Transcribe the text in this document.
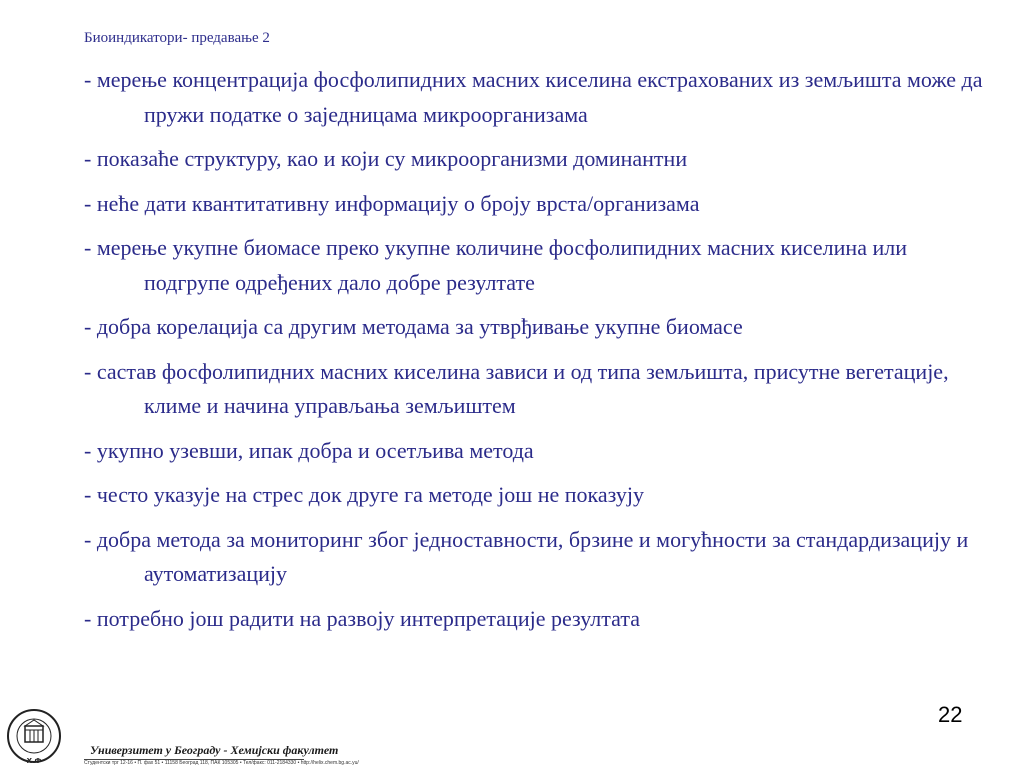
Биоиндикатори- предавање 2
- мерење концентрација фосфолипидних масних киселина екстрахованих из земљишта може да пружи податке о заједницама микроорганизама
- показаће структуру, као и који су микроорганизми доминантни
- неће дати квантитативну информацију о броју врста/организама
- мерење укупне биомасе преко укупне количине фосфолипидних масних киселина или подгрупе одређених дало добре резултате
- добра корелација са другим методама за утврђивање укупне биомасе
- састав фосфолипидних масних киселина зависи и од типа земљишта, присутне вегетације, климе и начина управљања земљиштем
- укупно узевши, ипак добра и осетљива метода
- често указује на стрес док друге га методе још не показују
- добра метода за мониторинг због једноставности, брзине и могућности за стандардизацију и аутоматизацију
- потребно још радити на развоју интерпретације резултата
22
Х Ф
Универзитет у Београду - Хемијски факултет
Студентски трг 12-16 • П. фах 51 • 11158 Београд 118, ПАК 105305 • Тел/факс: 011-2184330 • http://helix.chem.bg.ac.yu/
